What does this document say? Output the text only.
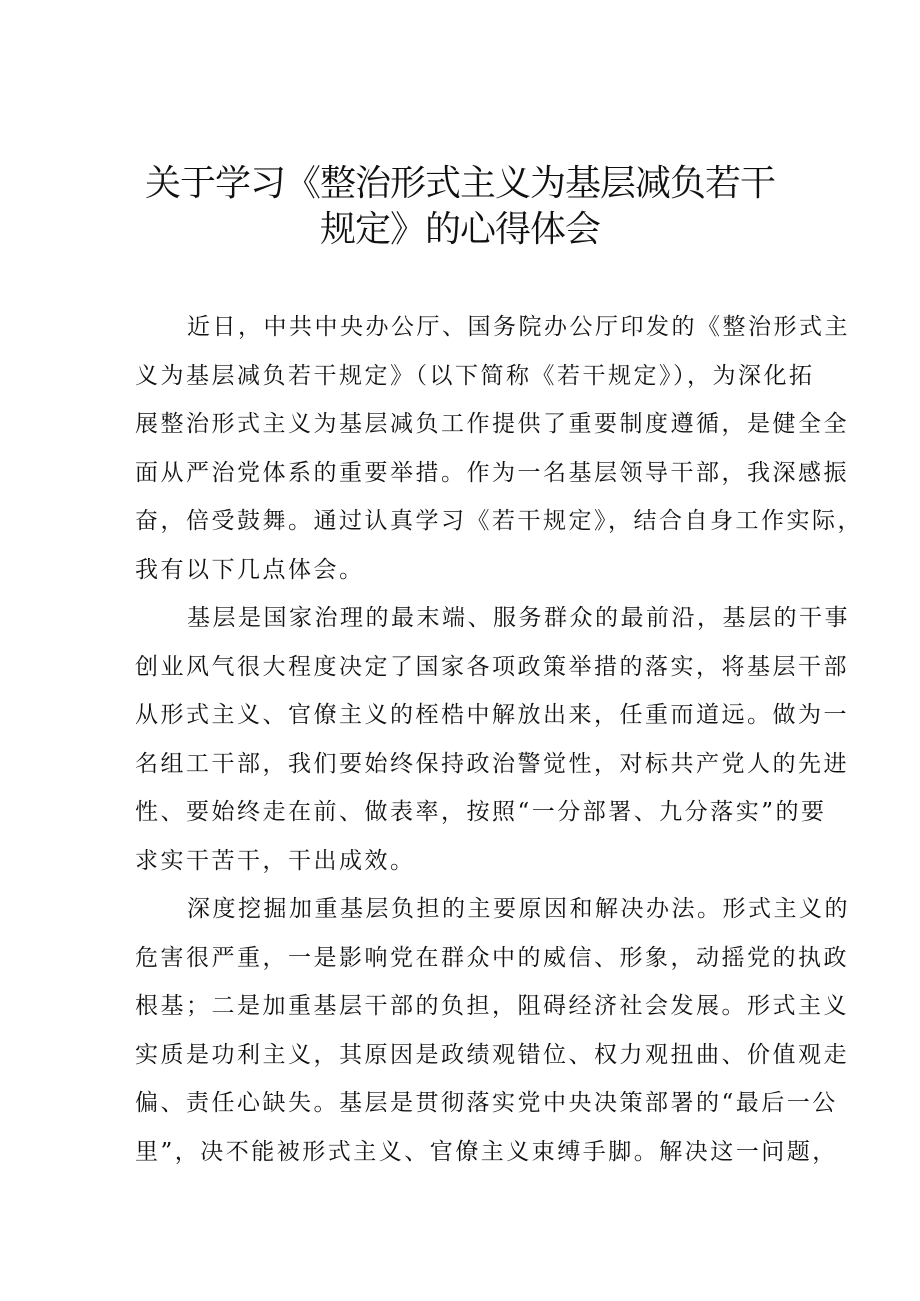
关于学习《整治形式主义为基层减负若干
规定》的心得体会

近日，中共中央办公厅、国务院办公厅印发的《整治形式主
义为基层减负若干规定》（以下简称《若干规定》），为深化拓
展整治形式主义为基层减负工作提供了重要制度遵循，是健全全
面从严治党体系的重要举措。作为一名基层领导干部，我深感振
奋，倍受鼓舞。通过认真学习《若干规定》，结合自身工作实际，
我有以下几点体会。

基层是国家治理的最末端、服务群众的最前沿，基层的干事
创业风气很大程度决定了国家各项政策举措的落实，将基层干部
从形式主义、官僚主义的桎梏中解放出来，任重而道远。做为一
名组工干部，我们要始终保持政治警觉性，对标共产党人的先进
性、要始终走在前、做表率，按照“一分部署、九分落实”的要
求实干苦干，干出成效。

深度挖掘加重基层负担的主要原因和解决办法。形式主义的
危害很严重，一是影响党在群众中的威信、形象，动摇党的执政
根基；二是加重基层干部的负担，阻碍经济社会发展。形式主义
实质是功利主义，其原因是政绩观错位、权力观扭曲、价值观走
偏、责任心缺失。基层是贯彻落实党中央决策部署的“最后一公
里”，决不能被形式主义、官僚主义束缚手脚。解决这一问题，
